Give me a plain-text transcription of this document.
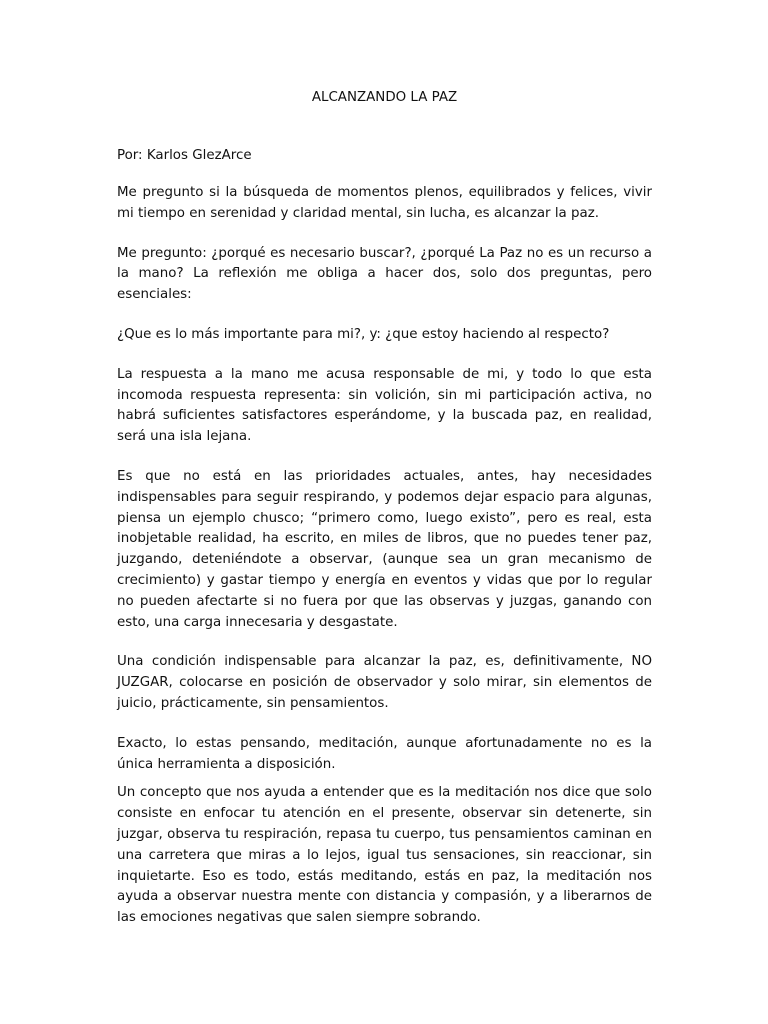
ALCANZANDO LA PAZ

Por: Karlos GlezArce

Me pregunto si la búsqueda de momentos plenos, equilibrados y felices, vivir mi tiempo en serenidad y claridad mental, sin lucha, es alcanzar la paz.

Me pregunto: ¿porqué es necesario buscar?, ¿porqué La Paz no es un recurso a la mano? La reflexión me obliga a hacer dos, solo dos preguntas, pero esenciales:

¿Que es lo más importante para mi?, y: ¿que estoy haciendo al respecto?

La respuesta a la mano me acusa responsable de mi, y todo lo que esta incomoda respuesta representa: sin volición, sin mi participación activa, no habrá suficientes satisfactores esperándome, y la buscada paz, en realidad, será una isla lejana.

Es que no está en las prioridades actuales, antes, hay necesidades indispensables para seguir respirando, y podemos dejar espacio para algunas, piensa un ejemplo chusco; “primero como, luego existo”, pero es real, esta inobjetable realidad, ha escrito, en miles de libros, que no puedes tener paz, juzgando, deteniéndote a observar, (aunque sea un gran mecanismo de crecimiento) y gastar tiempo y energía en eventos y vidas que por lo regular no pueden afectarte si no fuera por que las observas y juzgas, ganando con esto, una carga innecesaria y desgastate.

Una condición indispensable para alcanzar la paz, es, definitivamente, NO JUZGAR, colocarse en posición de observador y solo mirar, sin elementos de juicio, prácticamente, sin pensamientos.

Exacto, lo estas pensando, meditación, aunque afortunadamente no es la única herramienta a disposición.

Un concepto que nos ayuda a entender que es la meditación nos dice que solo consiste en enfocar tu atención en el presente, observar sin detenerte, sin juzgar, observa tu respiración, repasa tu cuerpo, tus pensamientos caminan en una carretera que miras a lo lejos, igual tus sensaciones, sin reaccionar, sin inquietarte. Eso es todo, estás meditando, estás en paz, la meditación nos ayuda a observar nuestra mente con distancia y compasión, y a liberarnos de las emociones negativas que salen siempre sobrando.
